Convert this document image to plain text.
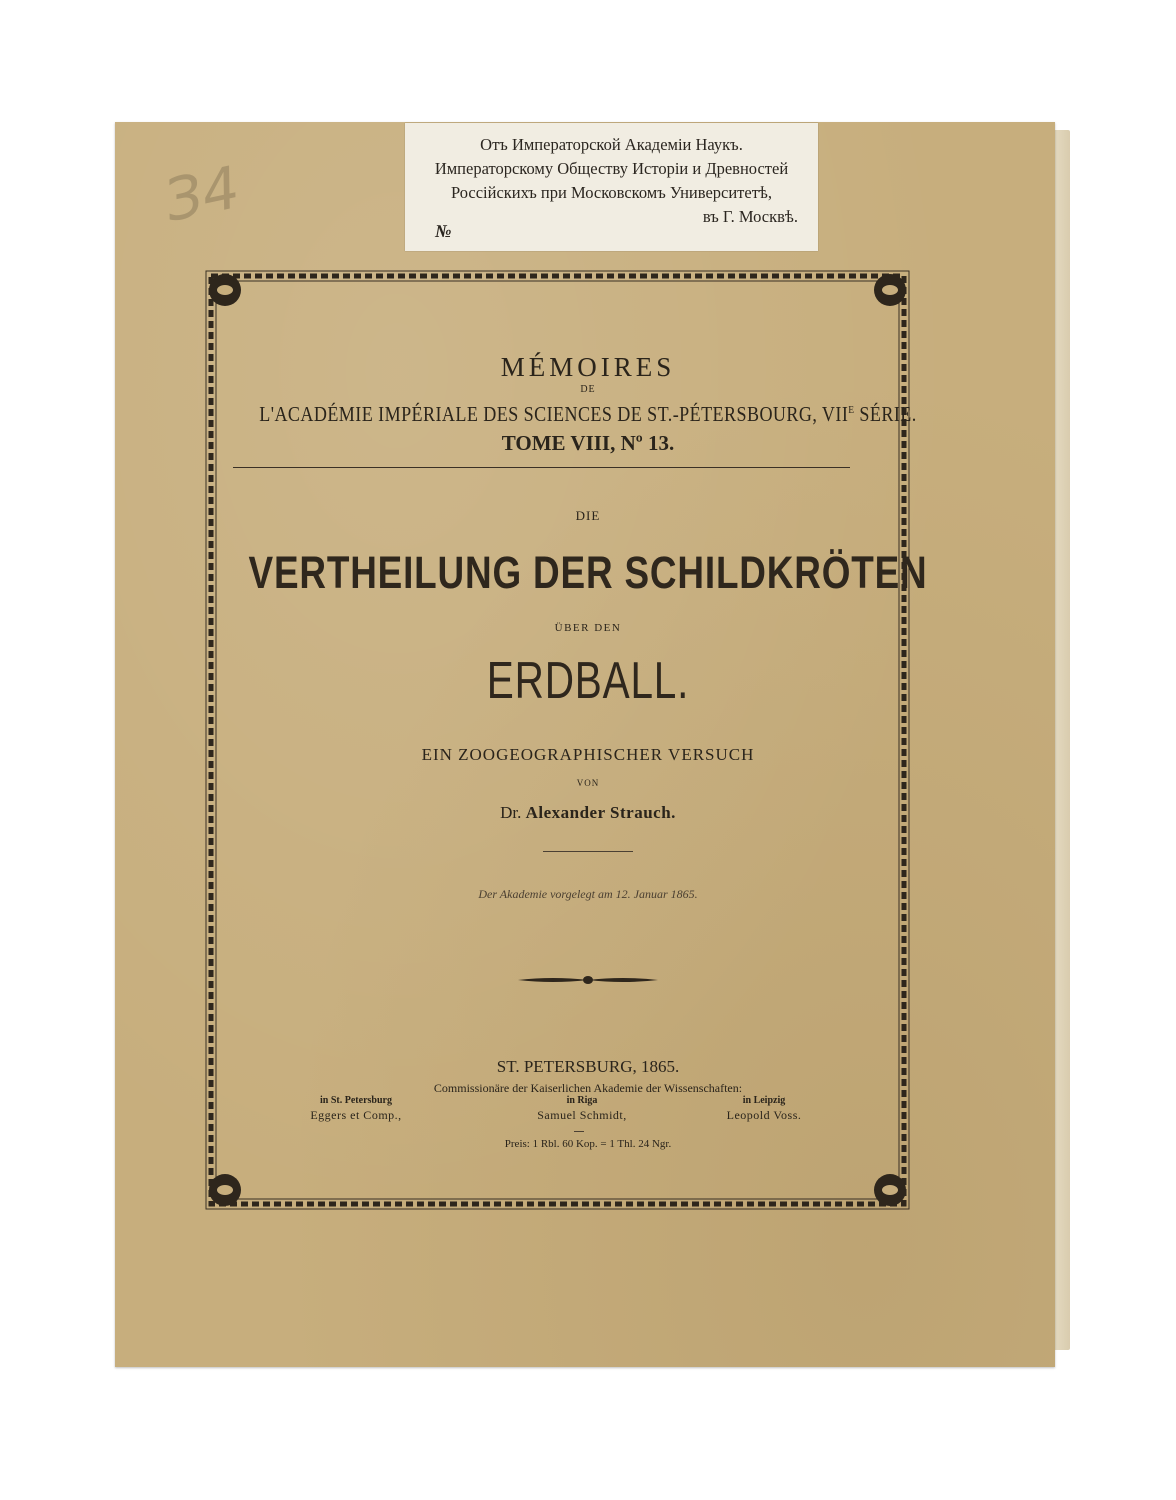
З4
Отъ Императорской Академіи Наукъ.
Императорскому Обществу Исторіи и Древностей
Россійскихъ при Московскомъ Университетѣ,
въ Г. Москвѣ.
№
MÉMOIRES
DE
L'ACADÉMIE IMPÉRIALE DES SCIENCES DE ST.-PÉTERSBOURG, $VII^E$ SÉRIE.
TOME VIII, Nº 13.
DIE
VERTHEILUNG DER SCHILDKRÖTEN
ÜBER DEN
ERDBALL.
EIN ZOOGEOGRAPHISCHER VERSUCH
VON
Dr. Alexander Strauch.
Der Akademie vorgelegt am 12. Januar 1865.
ST. PETERSBURG, 1865.
Commissionäre der Kaiserlichen Akademie der Wissenschaften:
in St. Petersburg
Eggers et Comp.,
in Riga
Samuel Schmidt,
in Leipzig
Leopold Voss.
Preis: 1 Rbl. 60 Kop. = 1 Thl. 24 Ngr.
